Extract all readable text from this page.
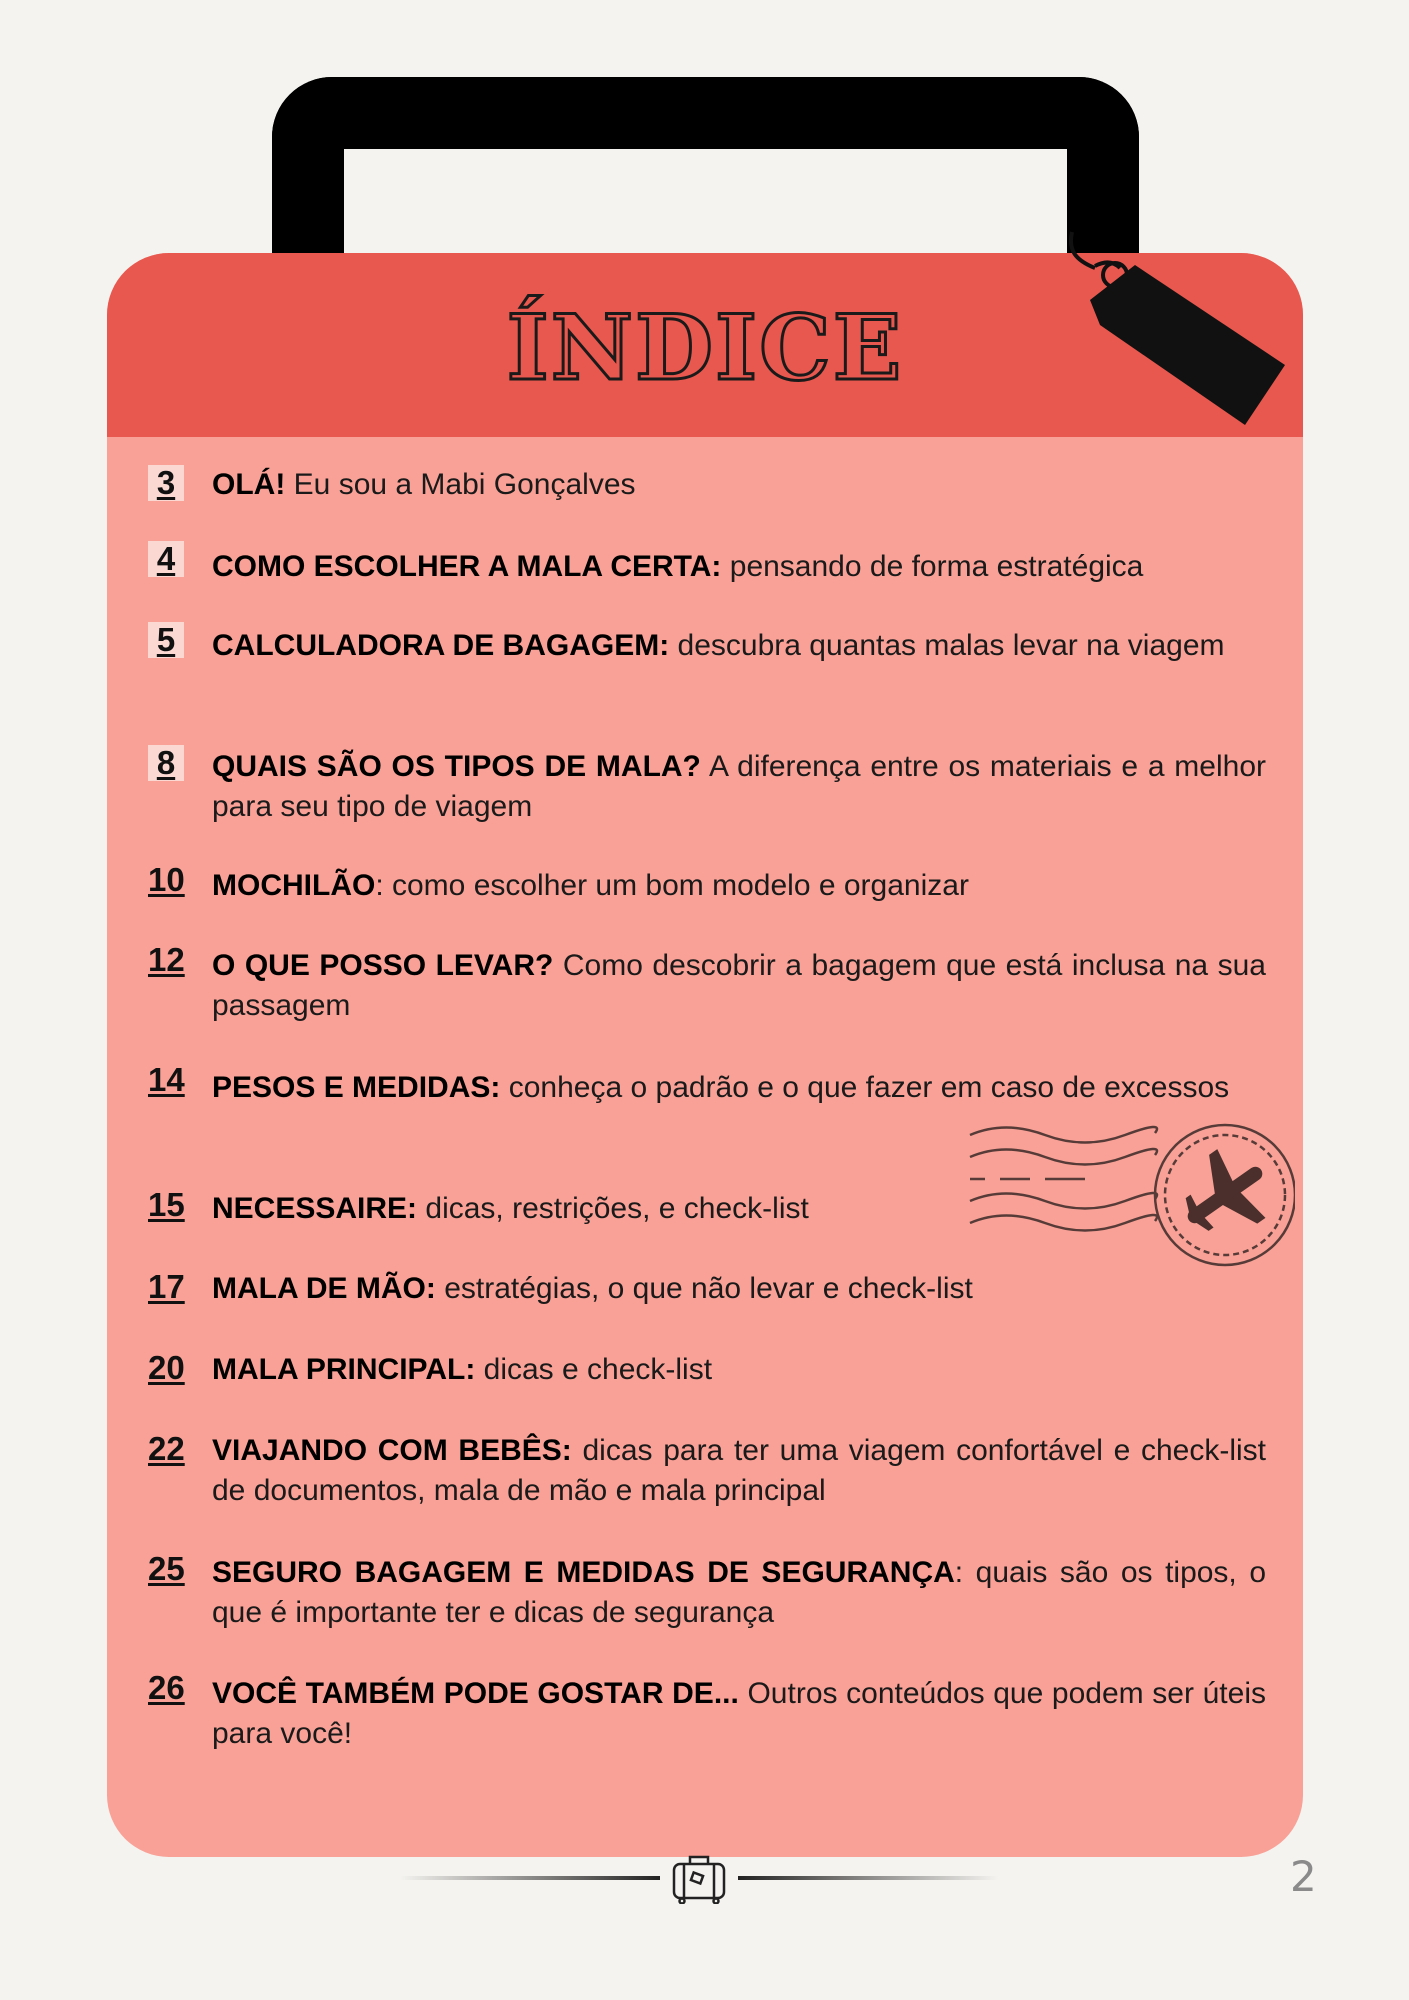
ÍNDICE
3 OLÁ! Eu sou a Mabi Gonçalves
4 COMO ESCOLHER A MALA CERTA: pensando de forma estratégica
5 CALCULADORA DE BAGAGEM: descubra quantas malas levar na viagem
8 QUAIS SÃO OS TIPOS DE MALA? A diferença entre os materiais e a melhor para seu tipo de viagem
10 MOCHILÃO: como escolher um bom modelo e organizar
12 O QUE POSSO LEVAR? Como descobrir a bagagem que está inclusa na sua passagem
14 PESOS E MEDIDAS: conheça o padrão e o que fazer em caso de excessos
15 NECESSAIRE: dicas, restrições, e check-list
17 MALA DE MÃO: estratégias, o que não levar e check-list
20 MALA PRINCIPAL: dicas e check-list
22 VIAJANDO COM BEBÊS: dicas para ter uma viagem confortável e check-list de documentos, mala de mão e mala principal
25 SEGURO BAGAGEM E MEDIDAS DE SEGURANÇA: quais são os tipos, o que é importante ter e dicas de segurança
26 VOCÊ TAMBÉM PODE GOSTAR DE... Outros conteúdos que podem ser úteis para você!
2
